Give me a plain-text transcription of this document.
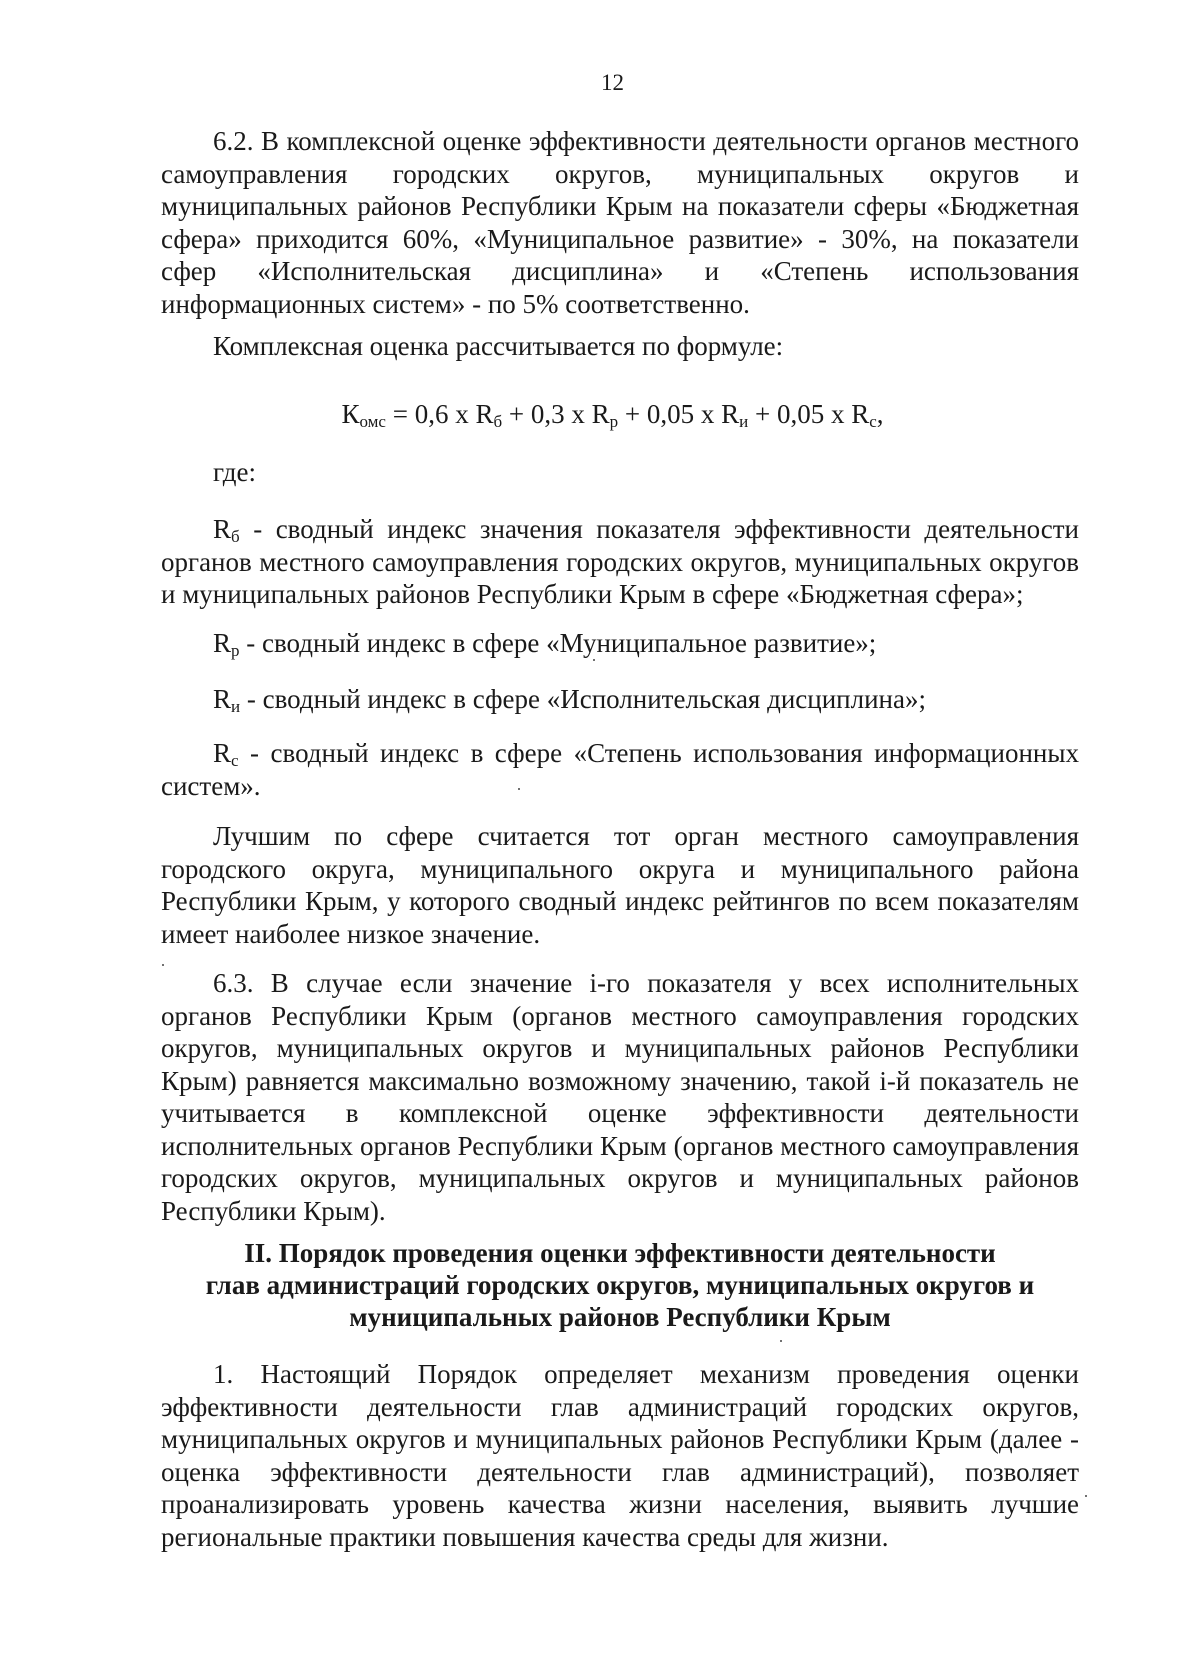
12

6.2. В комплексной оценке эффективности деятельности органов местного самоуправления городских округов, муниципальных округов и муниципальных районов Республики Крым на показатели сферы «Бюджетная сфера» приходится 60%, «Муниципальное развитие» - 30%, на показатели сфер «Исполнительская дисциплина» и «Степень использования информационных систем» - по 5% соответственно.

Комплексная оценка рассчитывается по формуле:

$К_{омс} = 0,6$ х $R_б + 0,3$ х $R_р + 0,05$ х $R_и + 0,05$ х $R_с$,
где:

$R_б$ - сводный индекс значения показателя эффективности деятельности органов местного самоуправления городских округов, муниципальных округов и муниципальных районов Республики Крым в сфере «Бюджетная сфера»;

$R_р$ - сводный индекс в сфере «Муниципальное развитие»;

$R_и$ - сводный индекс в сфере «Исполнительская дисциплина»;

$R_с$ - сводный индекс в сфере «Степень использования информационных систем».

Лучшим по сфере считается тот орган местного самоуправления городского округа, муниципального округа и муниципального района Республики Крым, у которого сводный индекс рейтингов по всем показателям имеет наиболее низкое значение.

6.3. В случае если значение i-го показателя у всех исполнительных органов Республики Крым (органов местного самоуправления городских округов, муниципальных округов и муниципальных районов Республики Крым) равняется максимально возможному значению, такой i-й показатель не учитывается в комплексной оценке эффективности деятельности исполнительных органов Республики Крым (органов местного самоуправления городских округов, муниципальных округов и муниципальных районов Республики Крым).

II. Порядок проведения оценки эффективности деятельности
глав администраций городских округов, муниципальных округов и
муниципальных районов Республики Крым

1. Настоящий Порядок определяет механизм проведения оценки эффективности деятельности глав администраций городских округов, муниципальных округов и муниципальных районов Республики Крым (далее - оценка эффективности деятельности глав администраций), позволяет проанализировать уровень качества жизни населения, выявить лучшие региональные практики повышения качества среды для жизни.
